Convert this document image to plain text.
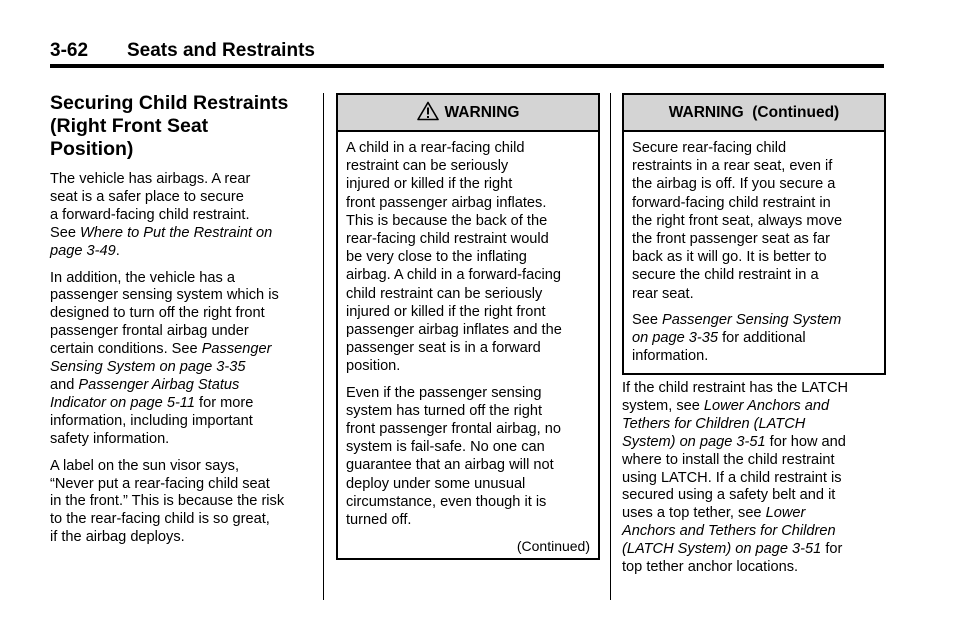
3-62 Seats and Restraints
Securing Child Restraints
(Right Front Seat
Position)

The vehicle has airbags. A rear
seat is a safer place to secure
a forward-facing child restraint.
See Where to Put the Restraint on
page 3-49.

In addition, the vehicle has a
passenger sensing system which is
designed to turn off the right front
passenger frontal airbag under
certain conditions. See Passenger
Sensing System on page 3-35
and Passenger Airbag Status
Indicator on page 5-11 for more
information, including important
safety information.

A label on the sun visor says,
“Never put a rear-facing child seat
in the front.” This is because the risk
to the rear-facing child is so great,
if the airbag deploys.

WARNING

A child in a rear-facing child
restraint can be seriously
injured or killed if the right
front passenger airbag inflates.
This is because the back of the
rear-facing child restraint would
be very close to the inflating
airbag. A child in a forward-facing
child restraint can be seriously
injured or killed if the right front
passenger airbag inflates and the
passenger seat is in a forward
position.

Even if the passenger sensing
system has turned off the right
front passenger frontal airbag, no
system is fail-safe. No one can
guarantee that an airbag will not
deploy under some unusual
circumstance, even though it is
turned off.

(Continued)
WARNING  (Continued)

Secure rear-facing child
restraints in a rear seat, even if
the airbag is off. If you secure a
forward-facing child restraint in
the right front seat, always move
the front passenger seat as far
back as it will go. It is better to
secure the child restraint in a
rear seat.

See Passenger Sensing System
on page 3-35 for additional
information.

If the child restraint has the LATCH
system, see Lower Anchors and
Tethers for Children (LATCH
System) on page 3-51 for how and
where to install the child restraint
using LATCH. If a child restraint is
secured using a safety belt and it
uses a top tether, see Lower
Anchors and Tethers for Children
(LATCH System) on page 3-51 for
top tether anchor locations.
